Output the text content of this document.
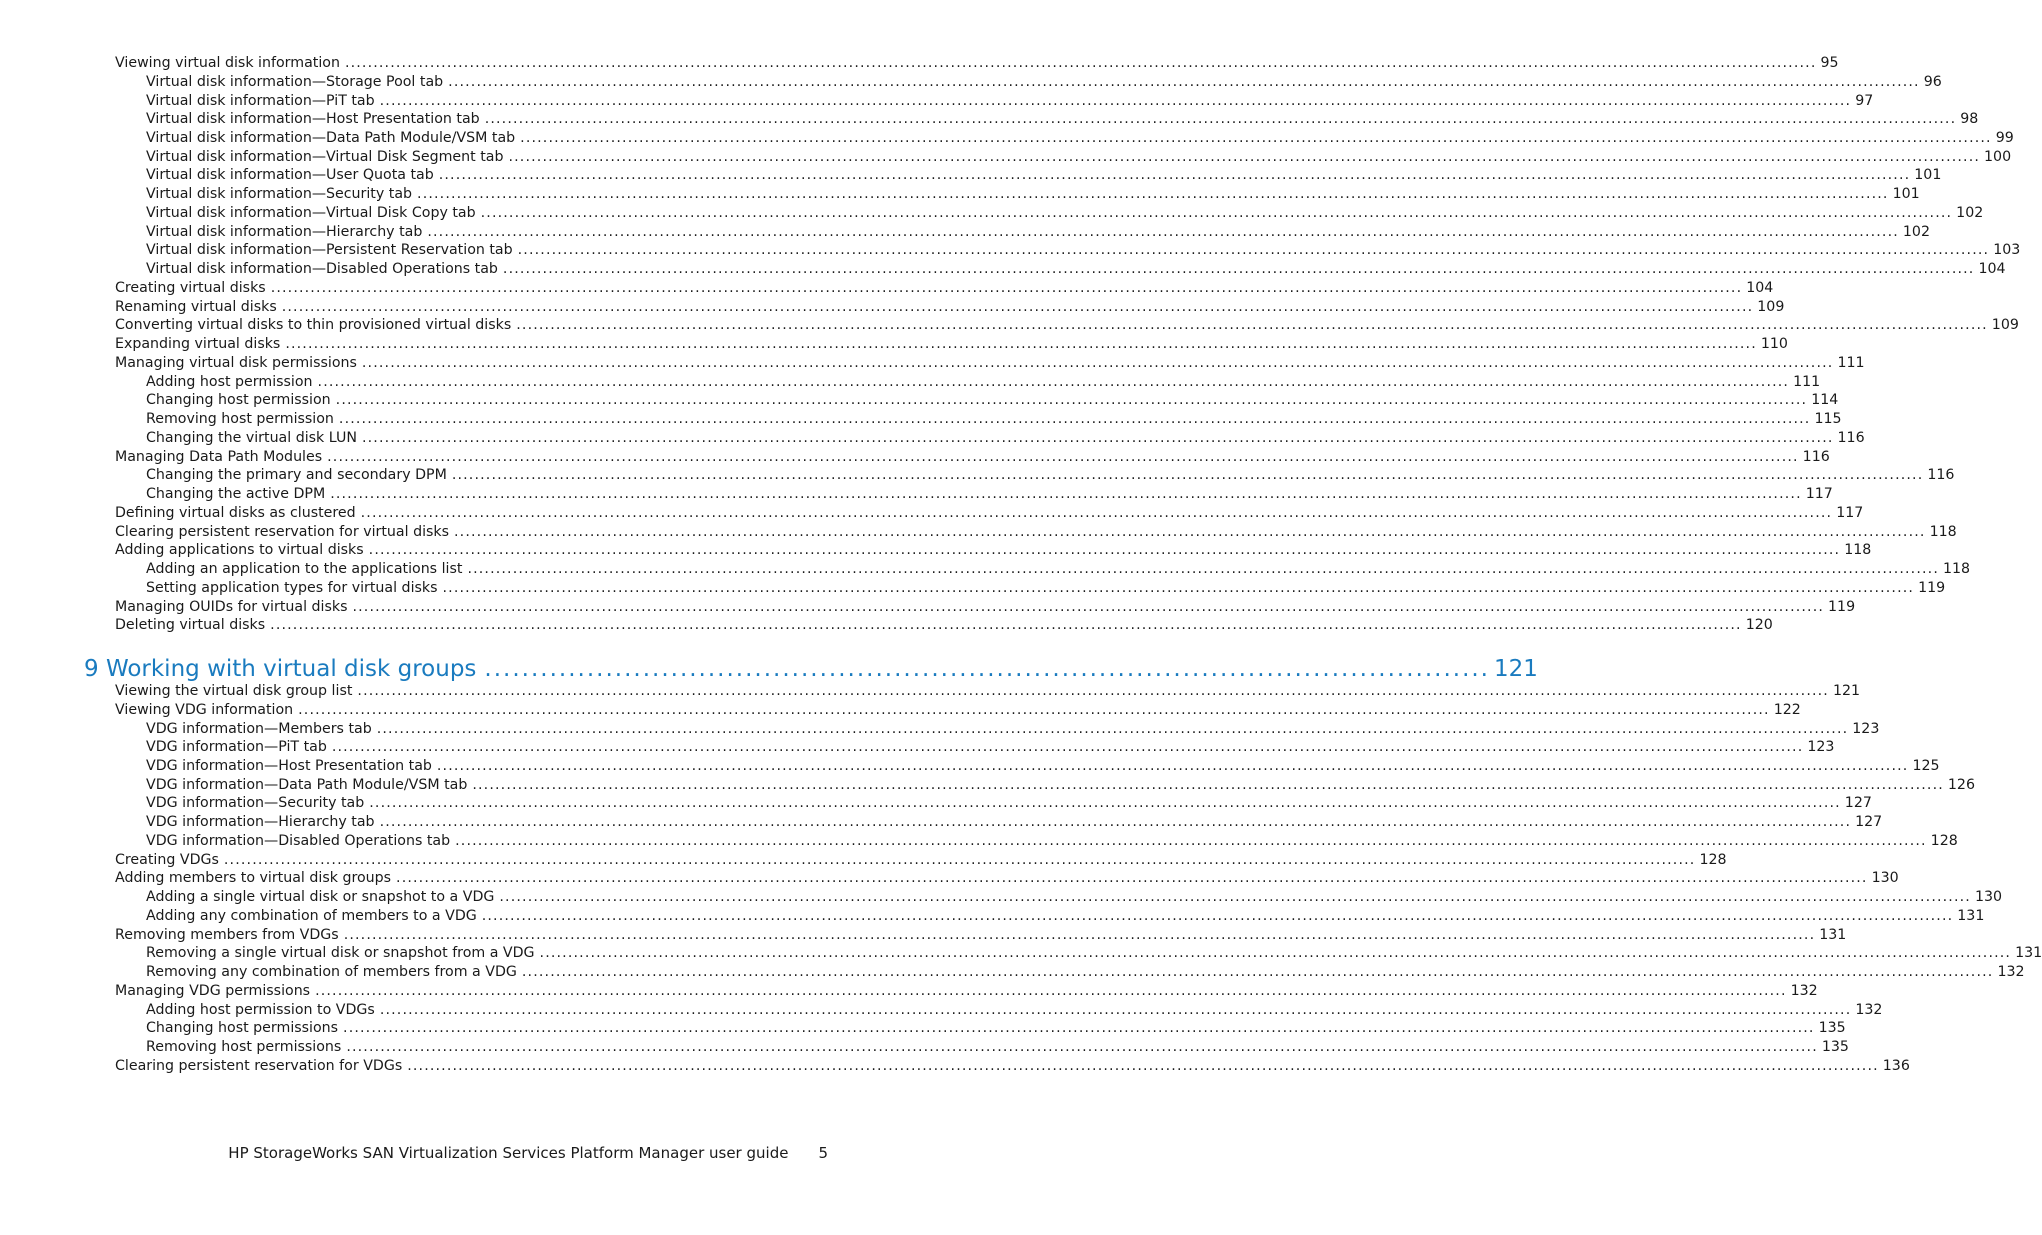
Viewing virtual disk information .................................................................................................................................................................................................................................................................... 95
Virtual disk information—Storage Pool tab .................................................................................................................................................................................................................................................................... 96
Virtual disk information—PiT tab .................................................................................................................................................................................................................................................................... 97
Virtual disk information—Host Presentation tab .................................................................................................................................................................................................................................................................... 98
Virtual disk information—Data Path Module/VSM tab .................................................................................................................................................................................................................................................................... 99
Virtual disk information—Virtual Disk Segment tab .................................................................................................................................................................................................................................................................... 100
Virtual disk information—User Quota tab .................................................................................................................................................................................................................................................................... 101
Virtual disk information—Security tab .................................................................................................................................................................................................................................................................... 101
Virtual disk information—Virtual Disk Copy tab .................................................................................................................................................................................................................................................................... 102
Virtual disk information—Hierarchy tab .................................................................................................................................................................................................................................................................... 102
Virtual disk information—Persistent Reservation tab .................................................................................................................................................................................................................................................................... 103
Virtual disk information—Disabled Operations tab .................................................................................................................................................................................................................................................................... 104
Creating virtual disks .................................................................................................................................................................................................................................................................... 104
Renaming virtual disks .................................................................................................................................................................................................................................................................... 109
Converting virtual disks to thin provisioned virtual disks .................................................................................................................................................................................................................................................................... 109
Expanding virtual disks .................................................................................................................................................................................................................................................................... 110
Managing virtual disk permissions .................................................................................................................................................................................................................................................................... 111
Adding host permission .................................................................................................................................................................................................................................................................... 111
Changing host permission .................................................................................................................................................................................................................................................................... 114
Removing host permission .................................................................................................................................................................................................................................................................... 115
Changing the virtual disk LUN .................................................................................................................................................................................................................................................................... 116
Managing Data Path Modules .................................................................................................................................................................................................................................................................... 116
Changing the primary and secondary DPM .................................................................................................................................................................................................................................................................... 116
Changing the active DPM .................................................................................................................................................................................................................................................................... 117
Defining virtual disks as clustered .................................................................................................................................................................................................................................................................... 117
Clearing persistent reservation for virtual disks .................................................................................................................................................................................................................................................................... 118
Adding applications to virtual disks .................................................................................................................................................................................................................................................................... 118
Adding an application to the applications list .................................................................................................................................................................................................................................................................... 118
Setting application types for virtual disks .................................................................................................................................................................................................................................................................... 119
Managing OUIDs for virtual disks .................................................................................................................................................................................................................................................................... 119
Deleting virtual disks .................................................................................................................................................................................................................................................................... 120
Viewing the virtual disk group list .................................................................................................................................................................................................................................................................... 121
Viewing VDG information .................................................................................................................................................................................................................................................................... 122
VDG information—Members tab .................................................................................................................................................................................................................................................................... 123
VDG information—PiT tab .................................................................................................................................................................................................................................................................... 123
VDG information—Host Presentation tab .................................................................................................................................................................................................................................................................... 125
VDG information—Data Path Module/VSM tab .................................................................................................................................................................................................................................................................... 126
VDG information—Security tab .................................................................................................................................................................................................................................................................... 127
VDG information—Hierarchy tab .................................................................................................................................................................................................................................................................... 127
VDG information—Disabled Operations tab .................................................................................................................................................................................................................................................................... 128
Creating VDGs .................................................................................................................................................................................................................................................................... 128
Adding members to virtual disk groups .................................................................................................................................................................................................................................................................... 130
Adding a single virtual disk or snapshot to a VDG .................................................................................................................................................................................................................................................................... 130
Adding any combination of members to a VDG .................................................................................................................................................................................................................................................................... 131
Removing members from VDGs .................................................................................................................................................................................................................................................................... 131
Removing a single virtual disk or snapshot from a VDG .................................................................................................................................................................................................................................................................... 131
Removing any combination of members from a VDG .................................................................................................................................................................................................................................................................... 132
Managing VDG permissions .................................................................................................................................................................................................................................................................... 132
Adding host permission to VDGs .................................................................................................................................................................................................................................................................... 132
Changing host permissions .................................................................................................................................................................................................................................................................... 135
Removing host permissions .................................................................................................................................................................................................................................................................... 135
Clearing persistent reservation for VDGs .................................................................................................................................................................................................................................................................... 136
9 Working with virtual disk groups ............................................................................................................ 121
HP StorageWorks SAN Virtualization Services Platform Manager user guide 5
